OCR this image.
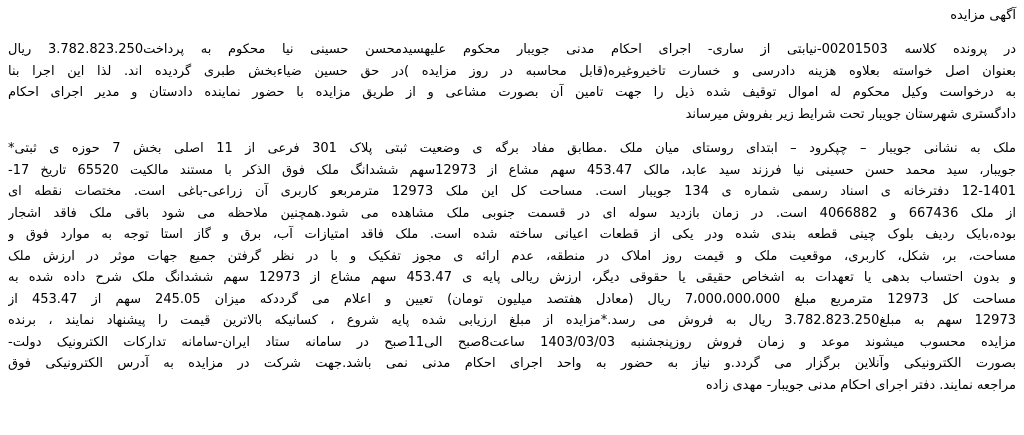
آگهی مزایده

در پرونده کلاسه 00201503-نیابتی از ساری- اجرای احکام مدنی جویبار محکوم علیهسیدمحسن حسینی نیا محکوم به پرداخت3.782.823.250 ریال
بعنوان اصل خواسته بعلاوه هزینه دادرسی و خسارت تاخیروغیره(قابل محاسبه در روز مزایده )در حق حسین ضیاءبخش طبری گردیده اند. لذا این اجرا بنا
به درخواست وکیل محکوم له اموال توقیف شده ذیل را جهت تامین آن بصورت مشاعی و از طریق مزایده با حضور نماینده دادستان و مدیر اجرای احکام
دادگستری شهرستان جویبار تحت شرایط زیر بفروش میرساند

ملک به نشانی جویبار – چپکرود – ابتدای روستای میان ملک .مطابق مفاد برگه ی وضعیت ثبتی پلاک 301 فرعی از 11 اصلی بخش 7 حوزه ی ثبتی*
جویبار، سید محمد حسن حسینی نیا فرزند سید عابد، مالک 453.47 سهم مشاع از 12973سهم ششدانگ ملک فوق الذکر با مستند مالکیت 65520 تاریخ 17-
12-1401 دفترخانه ی اسناد رسمی شماره ی 134 جویبار است. مساحت کل این ملک 12973 مترمربعو کاربری آن زراعی-باغی است. مختصات نقطه ای
از ملک 667436 و 4066882 است. در زمان بازدید سوله ای در قسمت جنوبی ملک مشاهده می شود.همچنین ملاحظه می شود باقی ملک فاقد اشجار
بوده،بایک ردیف بلوک چینی قطعه بندی شده ودر یکی از قطعات اعیانی ساخته شده است. ملک فاقد امتیازات آب، برق و گاز استا توجه به موارد فوق و
مساحت، بر، شکل، کاربری، موقعیت ملک و قیمت روز املاک در منطقه، عدم ارائه ی مجوز تفکیک و با در نظر گرفتن جمیع جهات موثر در ارزش ملک
و بدون احتساب بدهی یا تعهدات به اشخاص حقیقی یا حقوقی دیگر، ارزش ریالی پایه ی 453.47 سهم مشاع از 12973 سهم ششدانگ ملک شرح داده شده به
مساحت کل 12973 مترمربع مبلغ 7،000،000،000 ریال (معادل هفتصد میلیون تومان) تعیین و اعلام می گرددکه میزان 245.05 سهم از 453.47 از
12973 سهم به مبلغ3.782.823.250 ریال به فروش می رسد.*مزایده از مبلغ ارزیابی شده پایه شروع ، کسانیکه بالاترین قیمت را پیشنهاد نمایند ، برنده
مزایده محسوب میشوند موعد و زمان فروش روزپنجشنبه 1403/03/03 ساعت8صبح الی11صبح در سامانه ستاد ایران-سامانه تدارکات الکترونیک دولت-
بصورت الکترونیکی وآنلاین برگزار می گردد.و نیاز به حضور به واحد اجرای احکام مدنی نمی باشد.جهت شرکت در مزایده به آدرس الکترونیکی فوق
مراجعه نمایند. دفتر اجرای احکام مدنی جویبار- مهدی زاده
